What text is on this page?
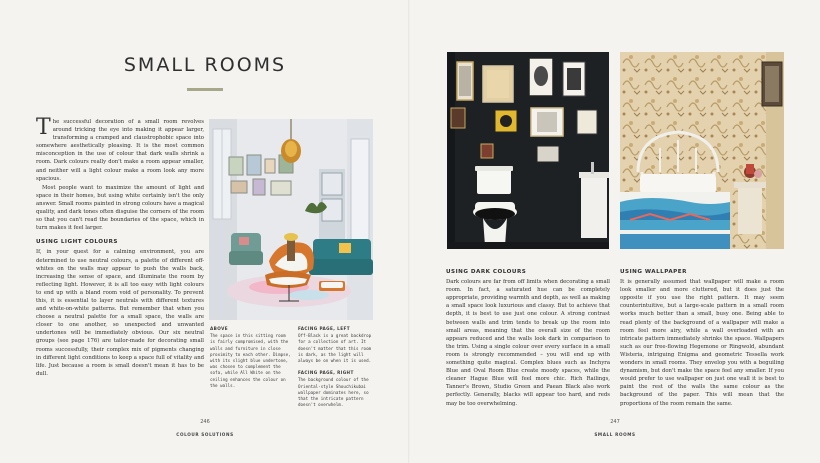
SMALL ROOMS

The successful decoration of a small room revolves around tricking the eye into making it appear larger, transforming a cramped and claustrophobic space into somewhere aesthetically pleasing. It is the most common misconception in the use of colour that dark walls shrink a room. Dark colours really don't make a room appear smaller, and neither will a light colour make a room look any more spacious.

Most people want to maximize the amount of light and space in their homes, but using white certainly isn't the only answer. Small rooms painted in strong colours have a magical quality, and dark tones often disguise the corners of the room so that you can't read the boundaries of the space, which in turn makes it feel larger.

USING LIGHT COLOURS

If, in your quest for a calming environment, you are determined to use neutral colours, a palette of different off-whites on the walls may appear to push the walls back, increasing the sense of space, and illuminate the room by reflecting light. However, it is all too easy with light colours to end up with a bland room void of personality. To prevent this, it is essential to layer neutrals with different textures and white-on-white patterns. But remember that when you choose a neutral palette for a small space, the walls are closer to one another, so unexpected and unwanted undertones will be immediately obvious. Our six neutral groups (see page 176) are tailor-made for decorating small rooms successfully, their complex mix of pigments changing in different light conditions to keep a space full of vitality and life. Just because a room is small doesn't mean it has to be dull.

ABOVE
The space in this sitting room is fairly compromised, with the walls and furniture in close proximity to each other. Dimpse, with its slight blue undertone, was chosen to complement the sofa, while All White on the ceiling enhances the colour on the walls.
FACING PAGE, LEFT
Off-Black is a great backdrop for a collection of art. It doesn't matter that this room is dark, as the light will always be on when it is used.
FACING PAGE, RIGHT
The background colour of the Oriental-style Shouchikubai wallpaper dominates here, so that the intricate pattern doesn't overwhelm.
246
COLOUR SOLUTIONS
USING DARK COLOURS

Dark colours are far from off limits when decorating a small room. In fact, a saturated hue can be completely appropriate, providing warmth and depth, as well as making a small space look luxurious and classy. But to achieve that depth, it is best to use just one colour. A strong contrast between walls and trim tends to break up the room into small areas, meaning that the overall size of the room appears reduced and the walls look dark in comparison to the trim. Using a single colour over every surface in a small room is strongly recommended – you will end up with something quite magical. Complex blues such as Inchyra Blue and Oval Room Blue create moody spaces, while the cleaner Hague Blue will feel more chic. Rich Railings, Tanner's Brown, Studio Green and Paean Black also work perfectly. Generally, blacks will appear too hard, and reds may be too overwhelming.

USING WALLPAPER

It is generally assumed that wallpaper will make a room look smaller and more cluttered, but it does just the opposite if you use the right pattern. It may seem counterintuitive, but a large-scale pattern in a small room works much better than a small, busy one. Being able to read plenty of the background of a wallpaper will make a room feel more airy, while a wall overloaded with an intricate pattern immediately shrinks the space. Wallpapers such as our free-flowing Hegemone or Ringwold, abundant Wisteria, intriguing Enigma and geometric Tessella work wonders in small rooms. They envelop you with a beguiling dynamism, but don't make the space feel any smaller. If you would prefer to use wallpaper on just one wall it is best to paint the rest of the walls the same colour as the background of the paper. This will mean that the proportions of the room remain the same.

247
SMALL ROOMS
